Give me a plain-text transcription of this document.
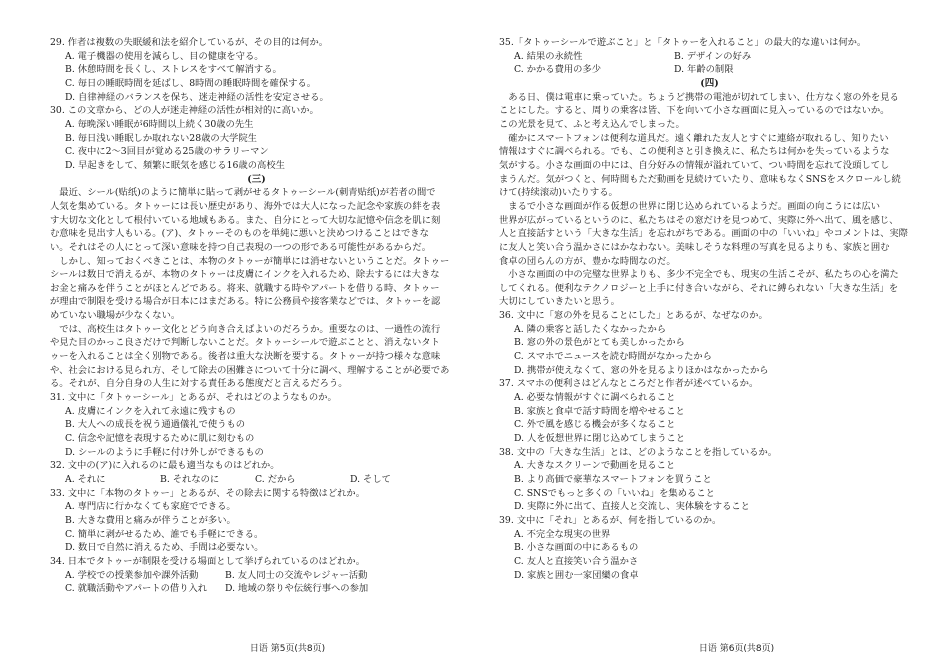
29. 作者は複数の失眠緩和法を紹介しているが、その目的は何か。
A. 電子機器の使用を減らし、目の健康を守る。
B. 休憩時間を長くし、ストレスをすべて解消する。
C. 毎日の睡眠時間を延ばし、8時間の睡眠時間を確保する。
D. 自律神経のバランスを保ち、迷走神経の活性を安定させる。
30. この文章から、どの人が迷走神経の活性が相対的に高いか。
A. 毎晩深い睡眠が6時間以上続く30歳の先生
B. 毎日浅い睡眠しか取れない28歳の大学院生
C. 夜中に2～3回目が覚める25歳のサラリーマン
D. 早起きをして、頻繁に眠気を感じる16歳の高校生
(三)
　最近、シール(贴纸)のように簡単に貼って剥がせるタトゥーシール(刺青贴纸)が若者の間で
人気を集めている。タトゥーには長い歴史があり、海外では大人になった記念や家族の絆を表
す大切な文化として根付いている地域もある。また、自分にとって大切な記憶や信念を肌に刻
む意味を見出す人もいる。(ア)、タトゥーそのものを単純に悪いと決めつけることはできな
い。それはその人にとって深い意味を持つ自己表現の一つの形である可能性があるからだ。
　しかし、知っておくべきことは、本物のタトゥーが簡単には消せないということだ。タトゥー
シールは数日で消えるが、本物のタトゥーは皮膚にインクを入れるため、除去するには大きな
お金と痛みを伴うことがほとんどである。将来、就職する時やアパートを借りる時、タトゥー
が理由で制限を受ける場合が日本にはまだある。特に公務員や接客業などでは、タトゥーを認
めていない職場が少なくない。
　では、高校生はタトゥー文化とどう向き合えばよいのだろうか。重要なのは、一過性の流行
や見た目のかっこ良さだけで判断しないことだ。タトゥーシールで遊ぶことと、消えないタト
ゥーを入れることは全く別物である。後者は重大な決断を要する。タトゥーが持つ様々な意味
や、社会における見られ方、そして除去の困難さについて十分に調べ、理解することが必要であ
る。それが、自分自身の人生に対する責任ある態度だと言えるだろう。
31. 文中に「タトゥーシール」とあるが、それはどのようなものか。
A. 皮膚にインクを入れて永遠に残すもの
B. 大人への成長を祝う通過儀礼で使うもの
C. 信念や記憶を表現するために肌に刻むもの
D. シールのように手軽に付け外しができるもの
32. 文中の(ア)に入れるのに最も適当なものはどれか。
A. それに	B. それなのに	C. だから	D. そして
33. 文中に「本物のタトゥー」とあるが、その除去に関する特徴はどれか。
A. 専門店に行かなくても家庭でできる。
B. 大きな費用と痛みが伴うことが多い。
C. 簡単に剥がせるため、誰でも手軽にできる。
D. 数日で自然に消えるため、手間は必要ない。
34. 日本でタトゥーが制限を受ける場面として挙げられているのはどれか。
A. 学校での授業参加や課外活動	B. 友人同士の交流やレジャー活動
C. 就職活動やアパートの借り入れ	D. 地域の祭りや伝統行事への参加
日语 第5页(共8页)
35.「タトゥーシールで遊ぶこと」と「タトゥーを入れること」の最大的な違いは何か。
A. 結果の永続性	B. デザインの好み
C. かかる費用の多少	D. 年齢の制限
(四)
　ある日、僕は電車に乗っていた。ちょうど携帯の電池が切れてしまい、仕方なく窓の外を見る
ことにした。すると、周りの乗客は皆、下を向いて小さな画面に見入っているのではないか。
この光景を見て、ふと考え込んでしまった。
　確かにスマートフォンは便利な道具だ。遠く離れた友人とすぐに連絡が取れるし、知りたい
情報はすぐに調べられる。でも、この便利さと引き換えに、私たちは何かを失っているような
気がする。小さな画面の中には、自分好みの情報が溢れていて、つい時間を忘れて没頭してし
まうんだ。気がつくと、何時間もただ動画を見続けていたり、意味もなくSNSをスクロールし続
けて(持续滚动)いたりする。
　まるで小さな画面が作る仮想の世界に閉じ込められているようだ。画面の向こうには広い
世界が広がっているというのに、私たちはその窓だけを見つめて、実際に外へ出て、風を感じ、
人と直接話すという「大きな生活」を忘れがちである。画面の中の「いいね」やコメントは、実際
に友人と笑い合う温かさにはかなわない。美味しそうな料理の写真を見るよりも、家族と囲む
食卓の団らんの方が、豊かな時間なのだ。
　小さな画面の中の完璧な世界よりも、多少不完全でも、現実の生活こそが、私たちの心を満た
してくれる。便利なテクノロジーと上手に付き合いながら、それに縛られない「大きな生活」を
大切にしていきたいと思う。
36. 文中に「窓の外を見ることにした」とあるが、なぜなのか。
A. 隣の乗客と話したくなかったから
B. 窓の外の景色がとても美しかったから
C. スマホでニュースを読む時間がなかったから
D. 携帯が使えなくて、窓の外を見るよりほかはなかったから
37. スマホの便利さはどんなところだと作者が述べているか。
A. 必要な情報がすぐに調べられること
B. 家族と食卓で話す時間を増やせること
C. 外で風を感じる機会が多くなること
D. 人を仮想世界に閉じ込めてしまうこと
38. 文中の「大きな生活」とは、どのようなことを指しているか。
A. 大きなスクリーンで動画を見ること
B. より高価で豪華なスマートフォンを買うこと
C. SNSでもっと多くの「いいね」を集めること
D. 実際に外に出て、直接人と交流し、実体験をすること
39. 文中に「それ」とあるが、何を指しているのか。
A. 不完全な現実の世界
B. 小さな画面の中にあるもの
C. 友人と直接笑い合う温かさ
D. 家族と囲む一家団欒の食卓
日语 第6页(共8页)
